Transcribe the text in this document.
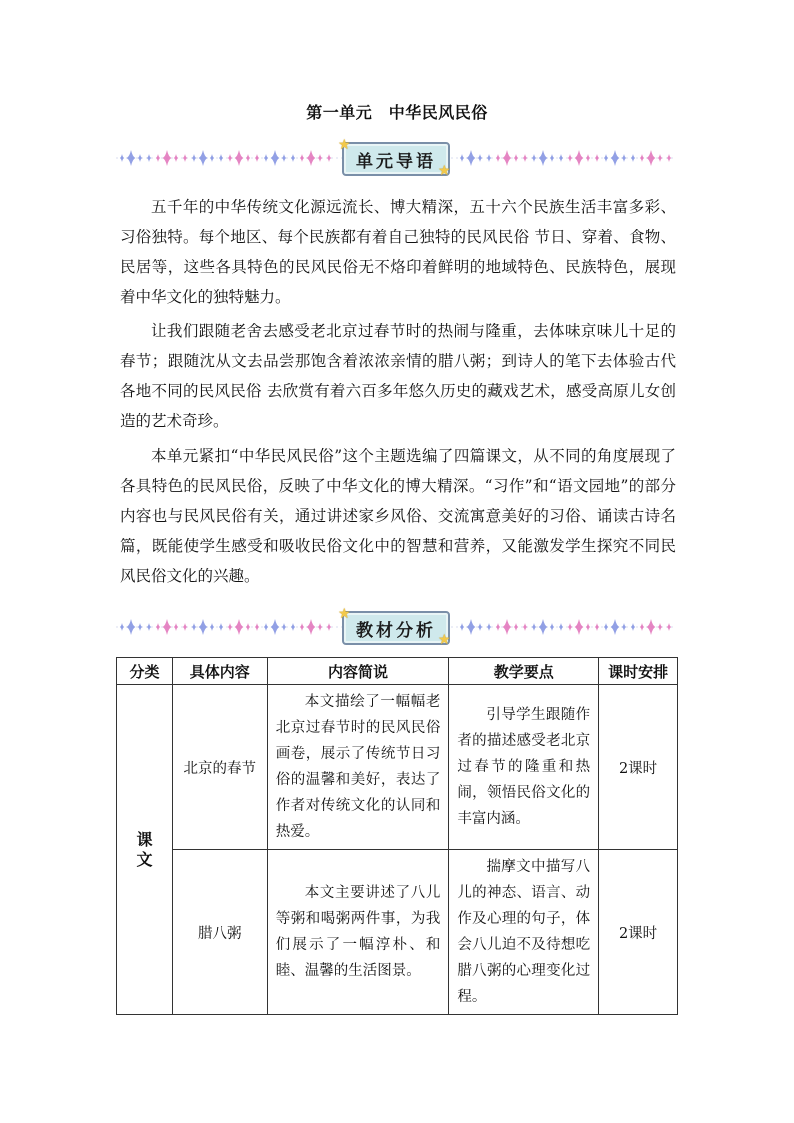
第一单元　中华民风民俗
单元导语
★
★

五千年的中华传统文化源远流长、博大精深，五十六个民族生活丰富多彩、习俗独特。每个地区、每个民族都有着自己独特的民风民俗 节日、穿着、食物、民居等，这些各具特色的民风民俗无不烙印着鲜明的地域特色、民族特色，展现着中华文化的独特魅力。

让我们跟随老舍去感受老北京过春节时的热闹与隆重，去体味京味儿十足的春节；跟随沈从文去品尝那饱含着浓浓亲情的腊八粥；到诗人的笔下去体验古代各地不同的民风民俗 去欣赏有着六百多年悠久历史的藏戏艺术，感受高原儿女创造的艺术奇珍。

本单元紧扣“中华民风民俗”这个主题选编了四篇课文，从不同的角度展现了各具特色的民风民俗，反映了中华文化的博大精深。“习作”和“语文园地”的部分内容也与民风民俗有关，通过讲述家乡风俗、交流寓意美好的习俗、诵读古诗名篇，既能使学生感受和吸收民俗文化中的智慧和营养，又能激发学生探究不同民风民俗文化的兴趣。

教材分析
★
★
分类	具体内容	内容简说	教学要点	课时安排
课文	北京的春节	本文描绘了一幅幅老北京过春节时的民风民俗画卷，展示了传统节日习俗的温馨和美好，表达了作者对传统文化的认同和热爱。	引导学生跟随作者的描述感受老北京过春节的隆重和热闹，领悟民俗文化的丰富内涵。	2课时
	腊八粥	本文主要讲述了八儿等粥和喝粥两件事，为我们展示了一幅淳朴、和睦、温馨的生活图景。	揣摩文中描写八儿的神态、语言、动作及心理的句子，体会八儿迫不及待想吃腊八粥的心理变化过程。	2课时
